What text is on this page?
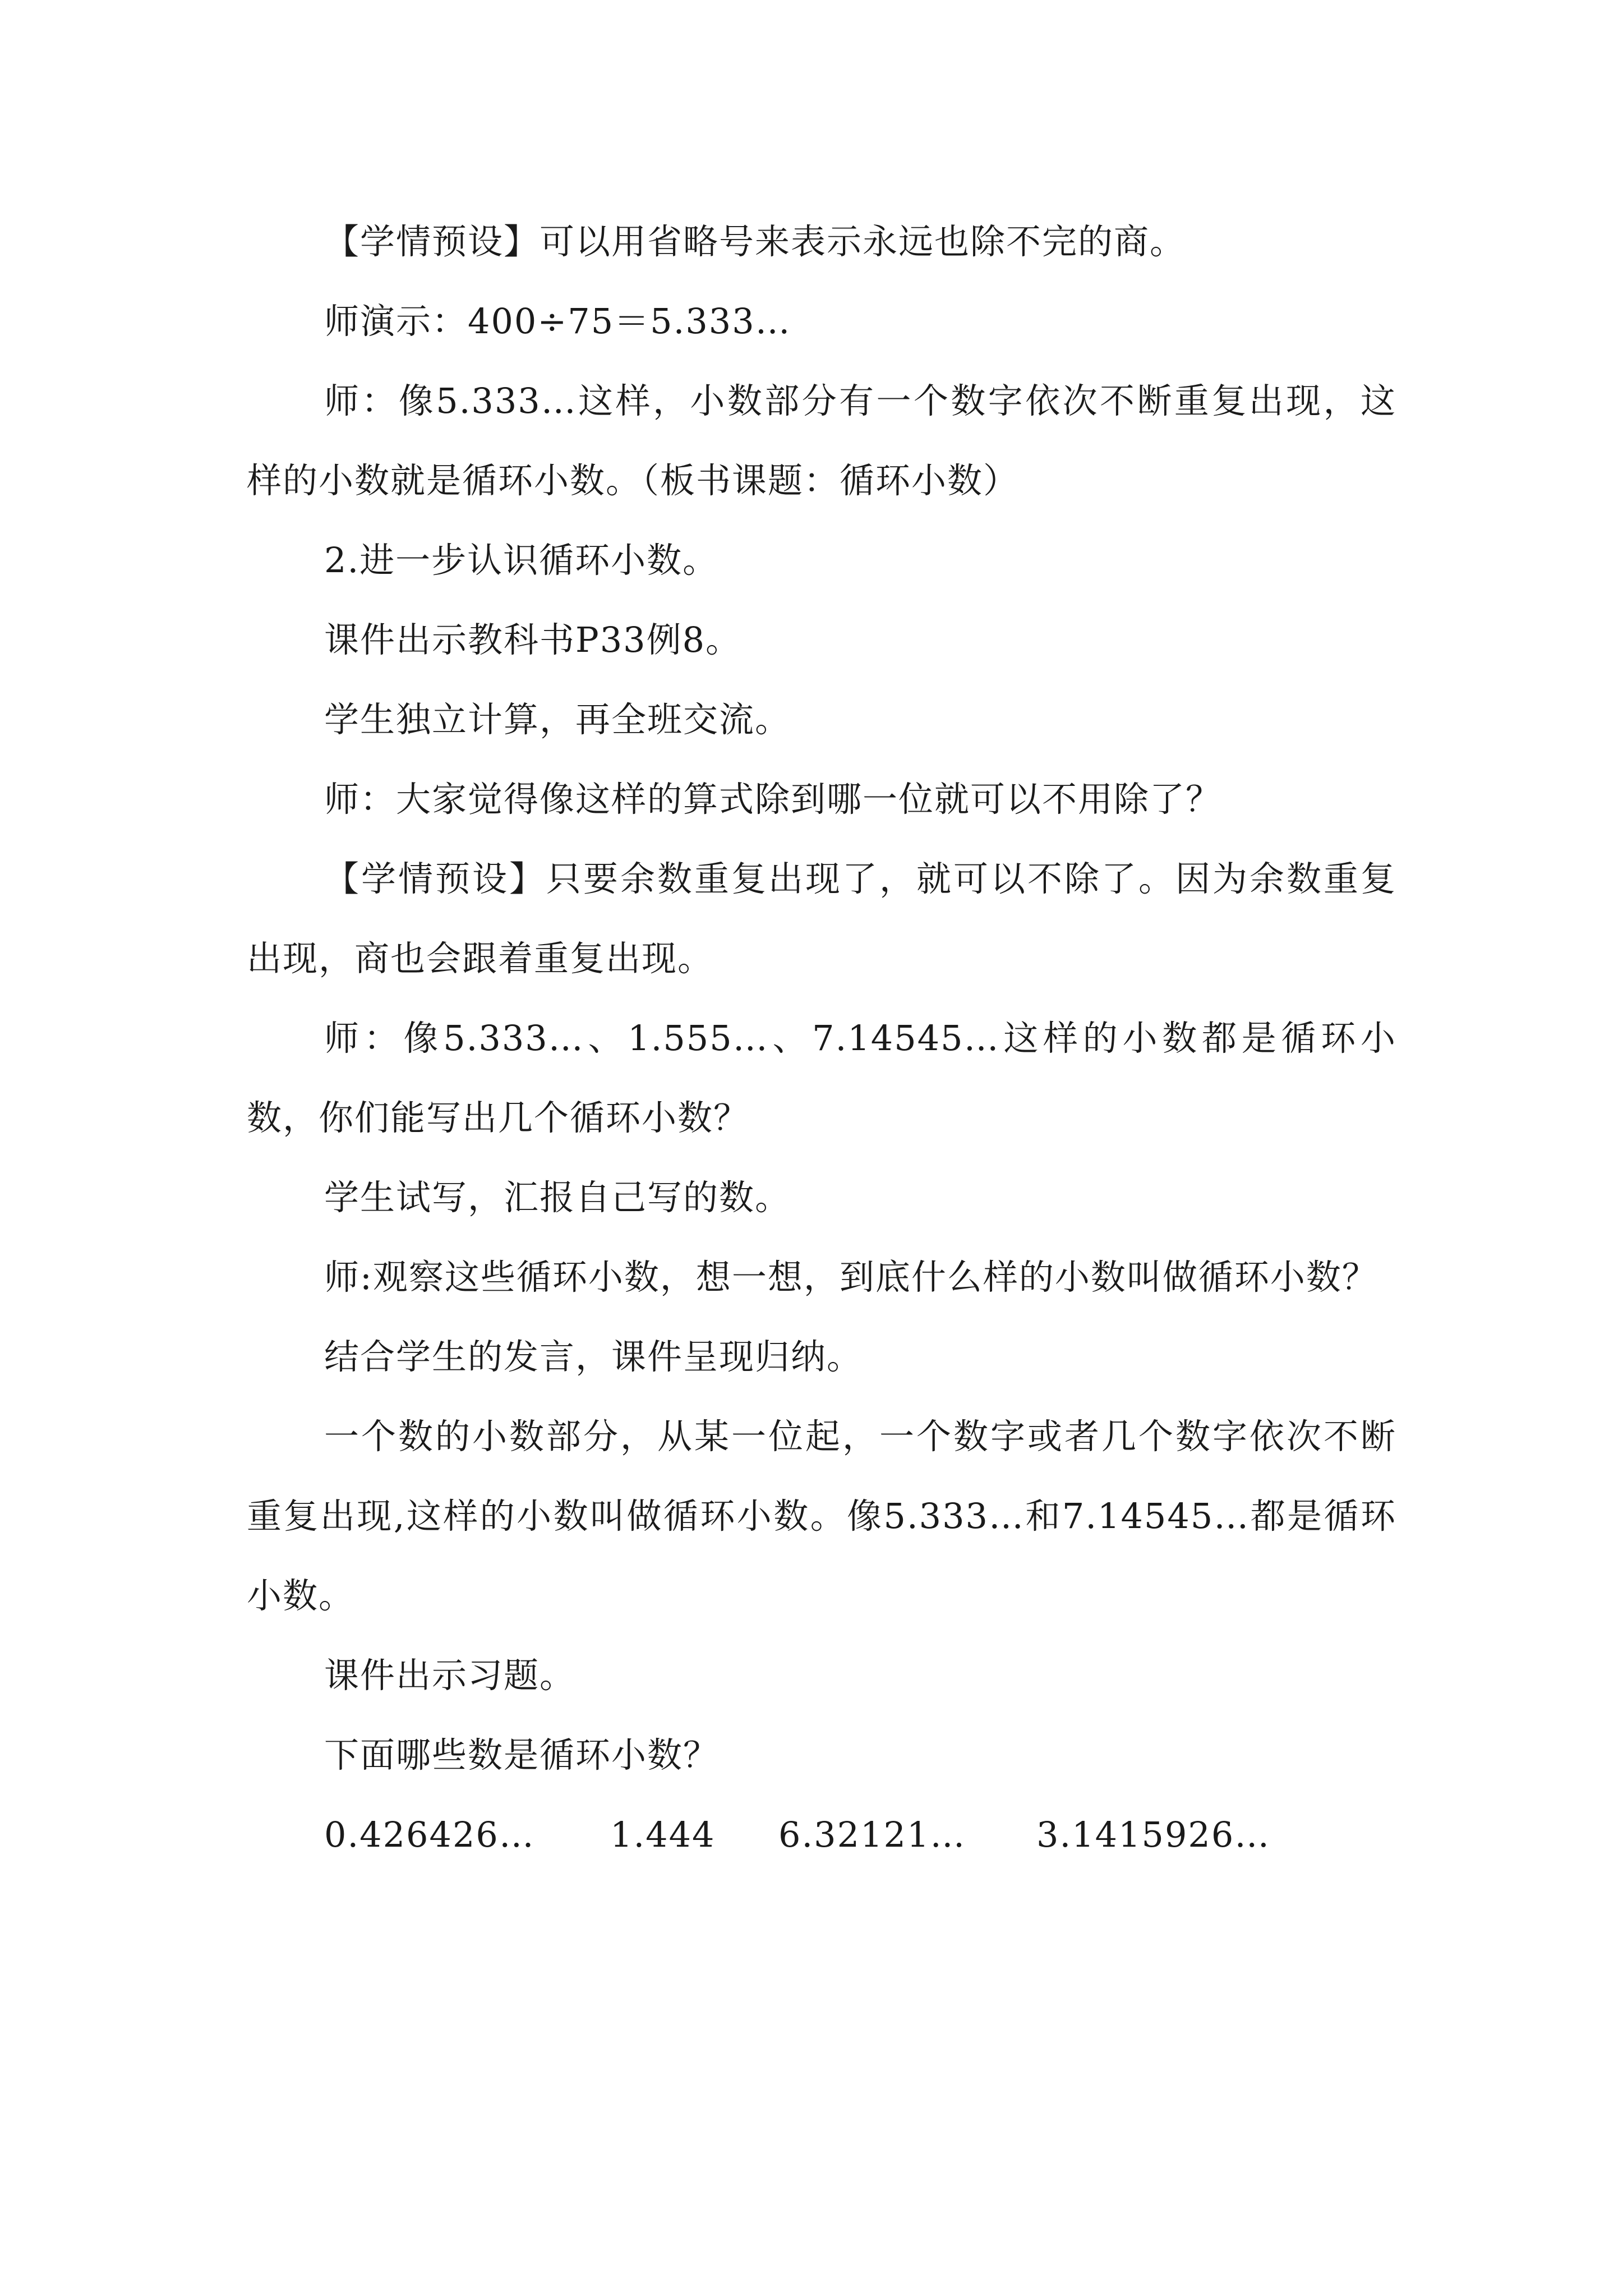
【学情预设】可以用省略号来表示永远也除不完的商。

师演示：400÷75＝5.333…

师：像5.333…这样，小数部分有一个数字依次不断重复出现，这样的小数就是循环小数。（板书课题：循环小数）

2.进一步认识循环小数。

课件出示教科书P33例8。

学生独立计算，再全班交流。

师：大家觉得像这样的算式除到哪一位就可以不用除了？

【学情预设】只要余数重复出现了，就可以不除了。因为余数重复出现，商也会跟着重复出现。

师：像5.333…、1.555…、7.14545…这样的小数都是循环小数，你们能写出几个循环小数？

学生试写，汇报自己写的数。

师:观察这些循环小数，想一想，到底什么样的小数叫做循环小数？

结合学生的发言，课件呈现归纳。

一个数的小数部分，从某一位起，一个数字或者几个数字依次不断重复出现,这样的小数叫做循环小数。像5.333…和7.14545…都是循环小数。

课件出示习题。

下面哪些数是循环小数？

0.426426…	1.444	6.32121…	3.1415926…
